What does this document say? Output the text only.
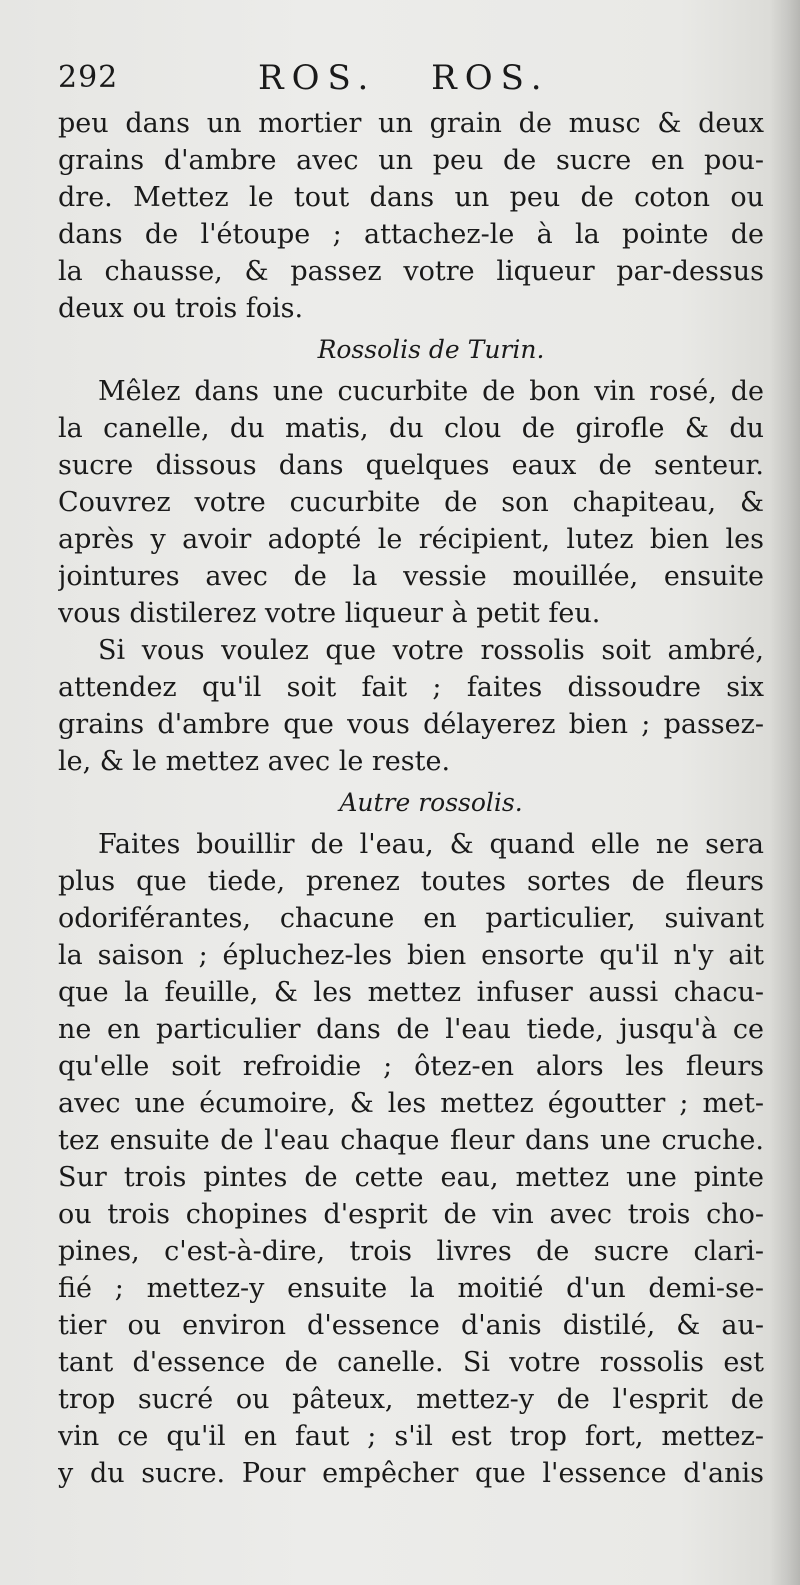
292	ROS. ROS.
peu dans un mortier un grain de musc & deux
grains d'ambre avec un peu de sucre en pou-
dre. Mettez le tout dans un peu de coton ou
dans de l'étoupe ; attachez-le à la pointe de
la chausse, & passez votre liqueur par-dessus
deux ou trois fois.
Rossolis de Turin.
Mêlez dans une cucurbite de bon vin rosé, de
la canelle, du matis, du clou de girofle & du
sucre dissous dans quelques eaux de senteur.
Couvrez votre cucurbite de son chapiteau, &
après y avoir adopté le récipient, lutez bien les
jointures avec de la vessie mouillée, ensuite
vous distilerez votre liqueur à petit feu.
Si vous voulez que votre rossolis soit ambré,
attendez qu'il soit fait ; faites dissoudre six
grains d'ambre que vous délayerez bien ; passez-
le, & le mettez avec le reste.
Autre rossolis.
Faites bouillir de l'eau, & quand elle ne sera
plus que tiede, prenez toutes sortes de fleurs
odoriférantes, chacune en particulier, suivant
la saison ; épluchez-les bien ensorte qu'il n'y ait
que la feuille, & les mettez infuser aussi chacu-
ne en particulier dans de l'eau tiede, jusqu'à ce
qu'elle soit refroidie ; ôtez-en alors les fleurs
avec une écumoire, & les mettez égoutter ; met-
tez ensuite de l'eau chaque fleur dans une cruche.
Sur trois pintes de cette eau, mettez une pinte
ou trois chopines d'esprit de vin avec trois cho-
pines, c'est-à-dire, trois livres de sucre clari-
fié ; mettez-y ensuite la moitié d'un demi-se-
tier ou environ d'essence d'anis distilé, & au-
tant d'essence de canelle. Si votre rossolis est
trop sucré ou pâteux, mettez-y de l'esprit de
vin ce qu'il en faut ; s'il est trop fort, mettez-
y du sucre. Pour empêcher que l'essence d'anis
